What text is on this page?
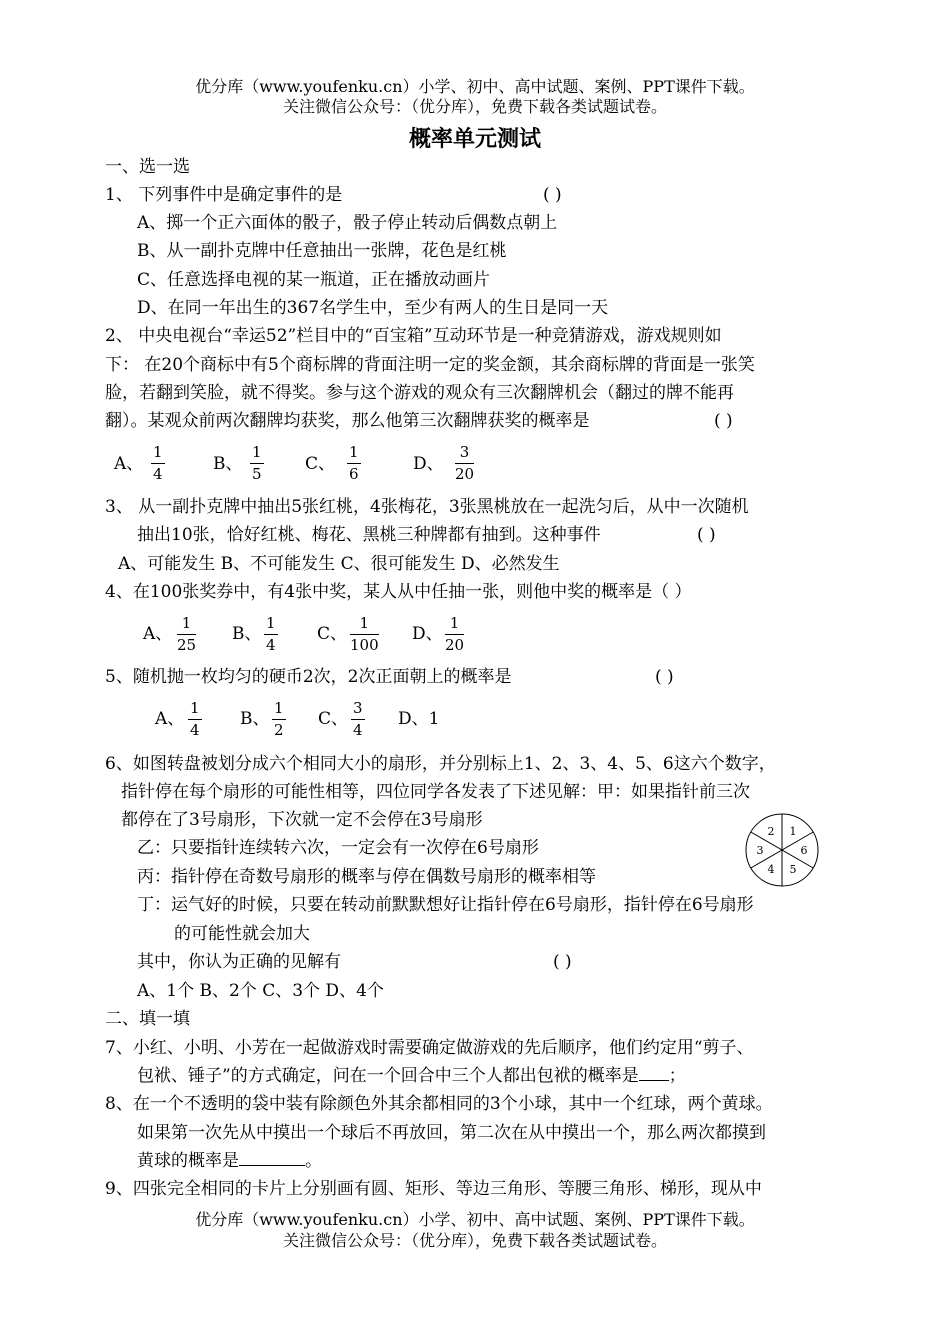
优分库（www.youfenku.cn）小学、初中、高中试题、案例、PPT课件下载。
关注微信公众号：（优分库），免费下载各类试题试卷。
概率单元测试
一、选一选
1、 下列事件中是确定事件的是	( )
A、掷一个正六面体的骰子，骰子停止转动后偶数点朝上
B、从一副扑克牌中任意抽出一张牌，花色是红桃
C、任意选择电视的某一瓶道，正在播放动画片
D、在同一年出生的367名学生中，至少有两人的生日是同一天
2、 中央电视台“幸运52”栏目中的“百宝箱”互动环节是一种竞猜游戏，游戏规则如
下： 在20个商标中有5个商标牌的背面注明一定的奖金额，其余商标牌的背面是一张笑
脸，若翻到笑脸，就不得奖。参与这个游戏的观众有三次翻牌机会（翻过的牌不能再
翻）。某观众前两次翻牌均获奖，那么他第三次翻牌获奖的概率是	( )
A、 $\frac{1}{4}$	B、 $\frac{1}{5}$ C、 $\frac{1}{6}$	D、 $\frac{3}{20}$
3、 从一副扑克牌中抽出5张红桃，4张梅花，3张黑桃放在一起洗匀后，从中一次随机
抽出10张，恰好红桃、梅花、黑桃三种牌都有抽到。这种事件	( )
A、可能发生 B、不可能发生 C、很可能发生 D、必然发生
4、在100张奖券中，有4张中奖，某人从中任抽一张，则他中奖的概率是（ ）
A、 $\frac{1}{25}$ B、 $\frac{1}{4}$ C、 $\frac{1}{100}$ D、 $\frac{1}{20}$
5、随机抛一枚均匀的硬币2次，2次正面朝上的概率是	( )
A、 $\frac{1}{4}$ B、 $\frac{1}{2}$ C、 $\frac{3}{4}$ D、1
6、如图转盘被划分成六个相同大小的扇形，并分别标上1、2、3、4、5、6这六个数字，
指针停在每个扇形的可能性相等，四位同学各发表了下述见解：甲：如果指针前三次
都停在了3号扇形，下次就一定不会停在3号扇形
乙：只要指针连续转六次，一定会有一次停在6号扇形
丙：指针停在奇数号扇形的概率与停在偶数号扇形的概率相等
丁：运气好的时候，只要在转动前默默想好让指针停在6号扇形，指针停在6号扇形
的可能性就会加大
其中，你认为正确的见解有	( )
A、1个 B、2个 C、3个 D、4个
1
6
5
4
3
2
二、填一填
7、小红、小明、小芳在一起做游戏时需要确定做游戏的先后顺序，他们约定用“剪子、
包袱、锤子”的方式确定，问在一个回合中三个人都出包袱的概率是 ；
8、在一个不透明的袋中装有除颜色外其余都相同的3个小球，其中一个红球，两个黄球。
如果第一次先从中摸出一个球后不再放回，第二次在从中摸出一个，那么两次都摸到
黄球的概率是	。
9、四张完全相同的卡片上分别画有圆、矩形、等边三角形、等腰三角形、梯形，现从中
优分库（www.youfenku.cn）小学、初中、高中试题、案例、PPT课件下载。
关注微信公众号：（优分库），免费下载各类试题试卷。
